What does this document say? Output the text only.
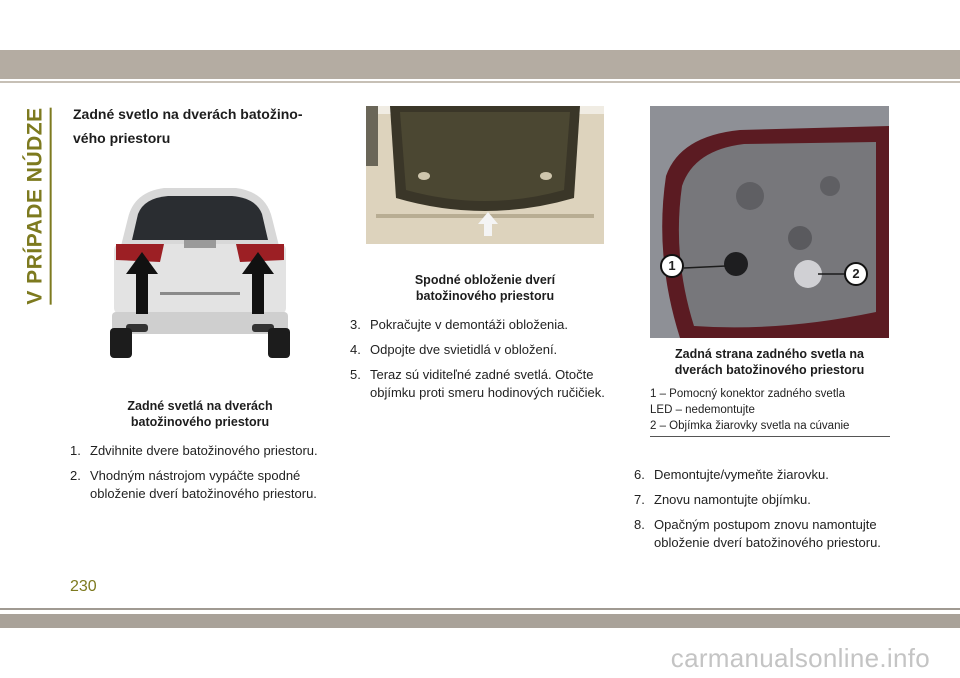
V PRÍPADE NÚDZE	Zadné svetlo na dverách batožino-
vého priestoru
Zadné svetlá na dverách
batožinového priestoru
Spodné obloženie dverí
batožinového priestoru
1
2
Zadná strana zadného svetla na
dverách batožinového priestoru
1 – Pomocný konektor zadného svetla
LED – nedemontujte
2 – Objímka žiarovky svetla na cúvanie
1. Zdvihnite dvere batožinového priestoru.
2. Vhodným nástrojom vypáčte spodné obloženie dverí batožinového priestoru.
3. Pokračujte v demontáži obloženia.
4. Odpojte dve svietidlá v obložení.
5. Teraz sú viditeľné zadné svetlá. Otočte objímku proti smeru hodinových ručičiek.
6. Demontujte/vymeňte žiarovku.
7. Znovu namontujte objímku.
8. Opačným postupom znovu namontujte obloženie dverí batožinového priestoru.
230
carmanualsonline.info
